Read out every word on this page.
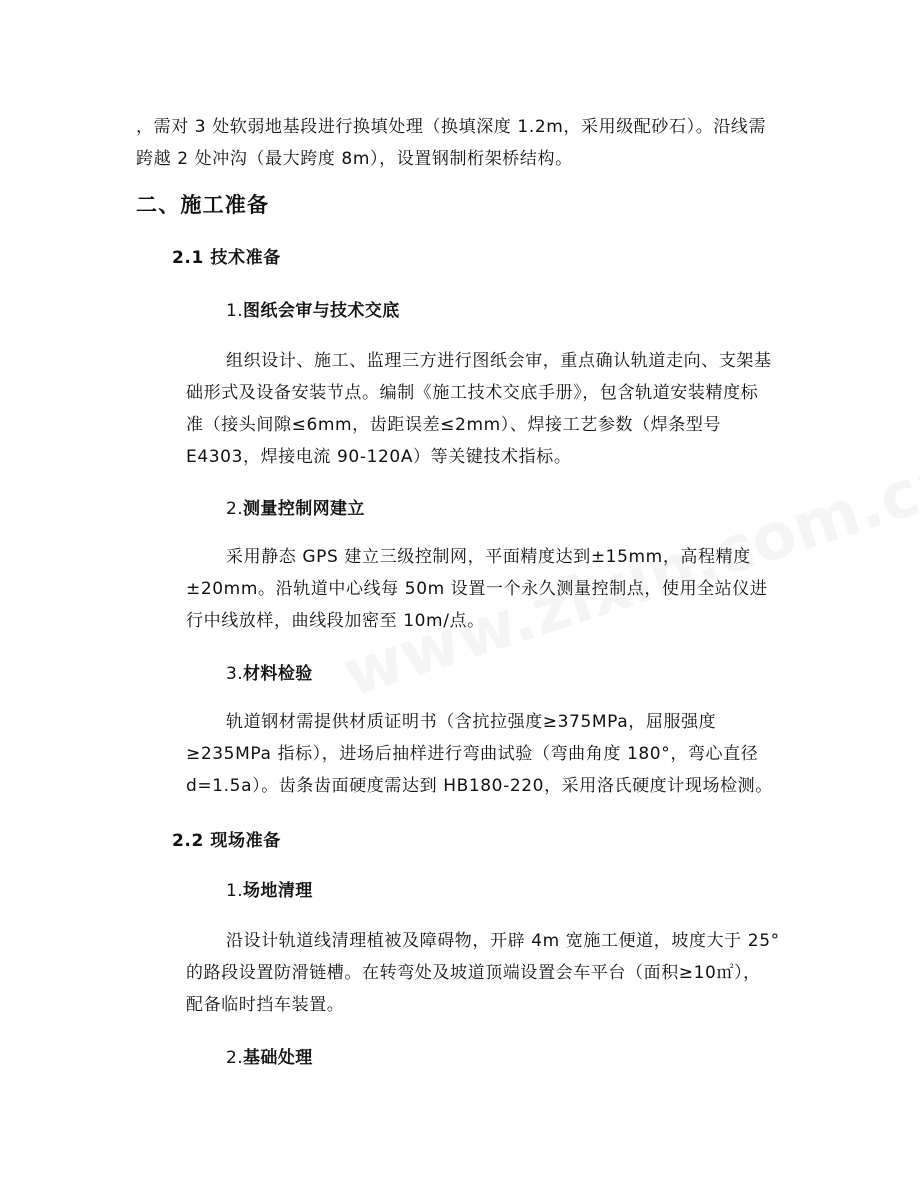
，需对 3 处软弱地基段进行换填处理（换填深度 1.2m，采用级配砂石）。沿线需
跨越 2 处冲沟（最大跨度 8m），设置钢制桁架桥结构。
二、施工准备
2.1 技术准备
1.图纸会审与技术交底
组织设计、施工、监理三方进行图纸会审，重点确认轨道走向、支架基
础形式及设备安装节点。编制《施工技术交底手册》，包含轨道安装精度标
准（接头间隙≤6mm，齿距误差≤2mm）、焊接工艺参数（焊条型号
E4303，焊接电流 90-120A）等关键技术指标。
2.测量控制网建立
采用静态 GPS 建立三级控制网，平面精度达到±15mm，高程精度
±20mm。沿轨道中心线每 50m 设置一个永久测量控制点，使用全站仪进
行中线放样，曲线段加密至 10m/点。
3.材料检验
轨道钢材需提供材质证明书（含抗拉强度≥375MPa，屈服强度
≥235MPa 指标），进场后抽样进行弯曲试验（弯曲角度 180°，弯心直径
d=1.5a）。齿条齿面硬度需达到 HB180-220，采用洛氏硬度计现场检测。
2.2 现场准备
1.场地清理
沿设计轨道线清理植被及障碍物，开辟 4m 宽施工便道，坡度大于 25°
的路段设置防滑链槽。在转弯处及坡道顶端设置会车平台（面积≥10㎡），
配备临时挡车装置。
2.基础处理
